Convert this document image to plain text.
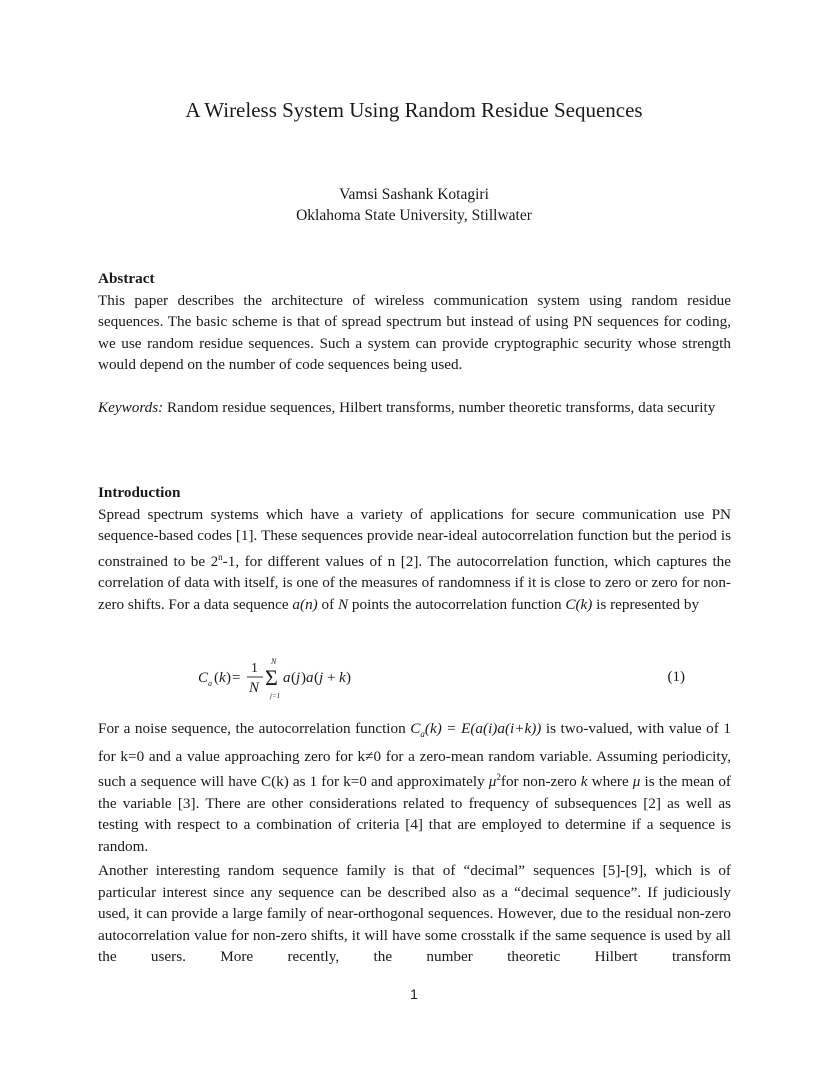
A Wireless System Using Random Residue Sequences
Vamsi Sashank Kotagiri
Oklahoma State University, Stillwater
Abstract

This paper describes the architecture of wireless communication system using random residue sequences. The basic scheme is that of spread spectrum but instead of using PN sequences for coding, we use random residue sequences. Such a system can provide cryptographic security whose strength would depend on the number of code sequences being used.

Keywords: Random residue sequences, Hilbert transforms, number theoretic transforms, data security

Introduction

Spread spectrum systems which have a variety of applications for secure communication use PN sequence-based codes [1]. These sequences provide near-ideal autocorrelation function but the period is constrained to be 2$^n$-1, for different values of n [2]. The autocorrelation function, which captures the correlation of data with itself, is one of the measures of randomness if it is close to zero or zero for non-zero shifts. For a data sequence a(n) of N points the autocorrelation function C(k) is represented by

C a ( k ) =
1
N
N
Σ
j=1
a ( j ) a ( j + k )	(1)

For a noise sequence, the autocorrelation function $C_a(k) = E(a(i)a(i+k))$ is two-valued, with value of 1 for k=0 and a value approaching zero for k≠0 for a zero-mean random variable. Assuming periodicity, such a sequence will have C(k) as 1 for k=0 and approximately $\mu^2for$ non-zero k where μ is the mean of the variable [3]. There are other considerations related to frequency of subsequences [2] as well as testing with respect to a combination of criteria [4] that are employed to determine if a sequence is random.

Another interesting random sequence family is that of “decimal” sequences [5]-[9], which is of particular interest since any sequence can be described also as a “decimal sequence”. If judiciously used, it can provide a large family of near-orthogonal sequences. However, due to the residual non-zero autocorrelation value for non-zero shifts, it will have some crosstalk if the same sequence is used by all the users. More recently, the number theoretic Hilbert transform

1
